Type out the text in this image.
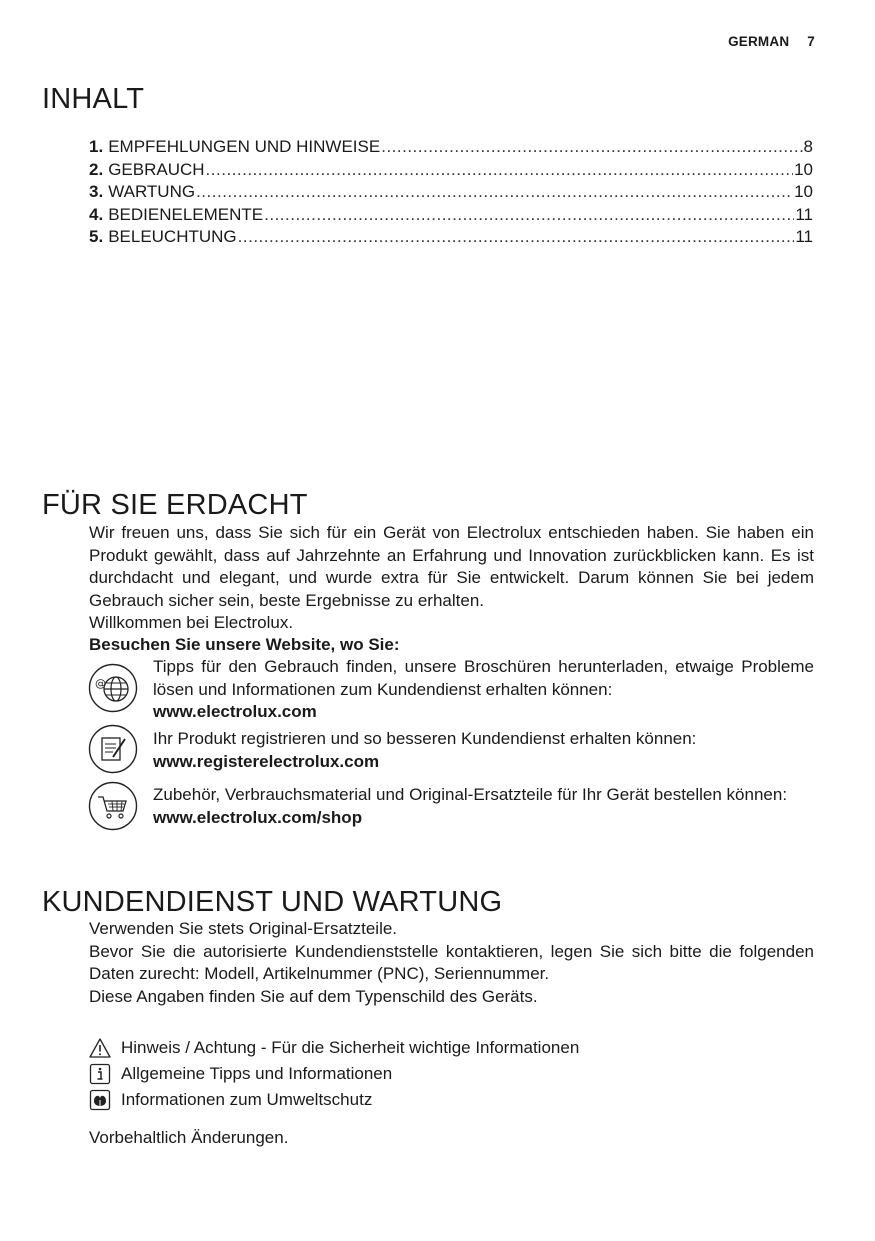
GERMAN 7
INHALT
1. EMPFEHLUNGEN UND HINWEISE .....	8
2. GEBRAUCH .....	10
3. WARTUNG .....	10
4. BEDIENELEMENTE .....	11
5. BELEUCHTUNG .....	11
FÜR SIE ERDACHT
Wir freuen uns, dass Sie sich für ein Gerät von Electrolux entschieden haben. Sie haben ein Produkt gewählt, dass auf Jahrzehnte an Erfahrung und Innovation zurückblicken kann. Es ist durchdacht und elegant, und wurde extra für Sie entwickelt. Darum können Sie bei jedem Gebrauch sicher sein, beste Ergebnisse zu erhalten.
Willkommen bei Electrolux.
Besuchen Sie unsere Website, wo Sie:
@
Tipps für den Gebrauch finden, unsere Broschüren herunterladen, etwaige Probleme lösen und Informationen zum Kundendienst erhalten können:
www.electrolux.com
Ihr Produkt registrieren und so besseren Kundendienst erhalten können:
www.registerelectrolux.com
Zubehör, Verbrauchsmaterial und Original-Ersatzteile für Ihr Gerät bestellen können:
www.electrolux.com/shop
KUNDENDIENST UND WARTUNG
Verwenden Sie stets Original-Ersatzteile.
Bevor Sie die autorisierte Kundendienststelle kontaktieren, legen Sie sich bitte die folgenden Daten zurecht: Modell, Artikelnummer (PNC), Seriennummer.
Diese Angaben finden Sie auf dem Typenschild des Geräts.
Hinweis / Achtung - Für die Sicherheit wichtige Informationen
Allgemeine Tipps und Informationen
Informationen zum Umweltschutz
Vorbehaltlich Änderungen.
